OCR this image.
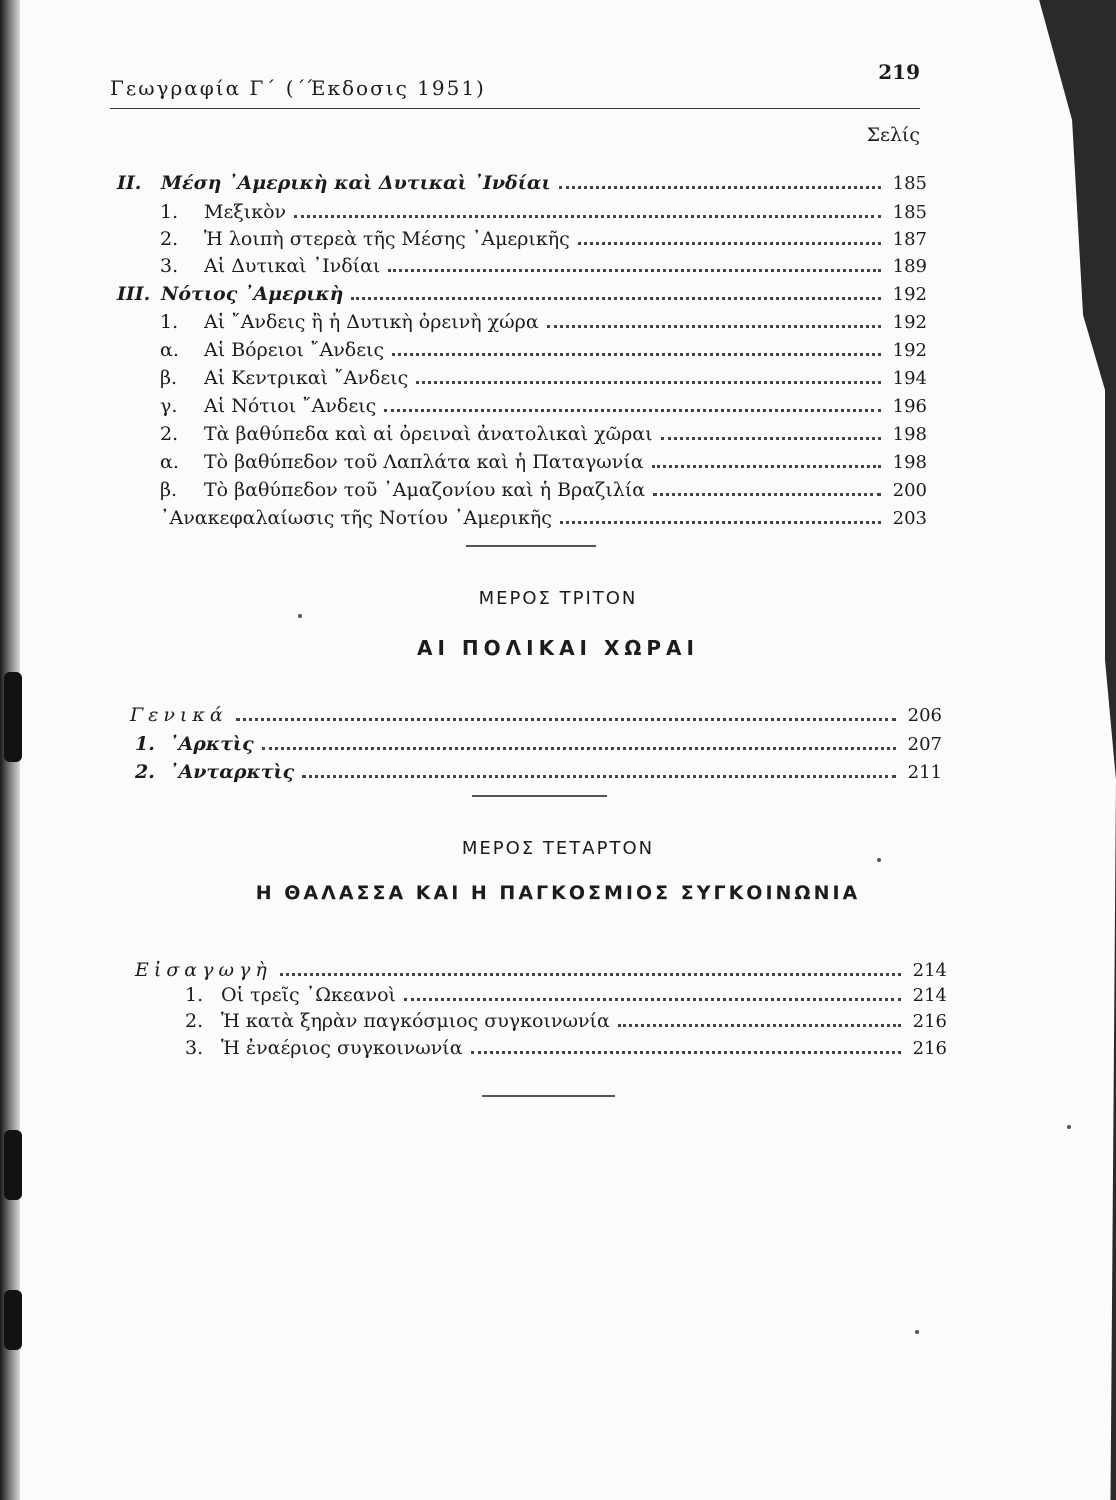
Γεωγραφία Γ΄ (΄Έκδοσις 1951)
219
Σελίς
II. Μέση ᾿Αμερικὴ καὶ Δυτικαὶ ᾿Ινδίαι	185
1. Μεξικὸν	185
2. Ἡ λοιπὴ στερεὰ τῆς Μέσης ᾿Αμερικῆς	187
3. Αἱ Δυτικαὶ ᾿Ινδίαι	189
III. Νότιος ᾿Αμερικὴ	192
1. Αἱ ῎Ανδεις ἢ ἡ Δυτικὴ ὀρεινὴ χώρα	192
α. Αἱ Βόρειοι ῎Ανδεις	192
β. Αἱ Κεντρικαὶ ῎Ανδεις	194
γ. Αἱ Νότιοι ῎Ανδεις	196
2. Τὰ βαθύπεδα καὶ αἱ ὀρειναὶ ἀνατολικαὶ χῶραι	198
α. Τὸ βαθύπεδον τοῦ Λαπλάτα καὶ ἡ Παταγωνία	198
β. Τὸ βαθύπεδον τοῦ ᾿Αμαζονίου καὶ ἡ Βραζιλία	200
᾿Ανακεφαλαίωσις τῆς Νοτίου ᾿Αμερικῆς	203
ΜΕΡΟΣ ΤΡΙΤΟΝ
ΑΙ ΠΟΛΙΚΑΙ ΧΩΡΑΙ
Γενικά	206
1. ᾿Αρκτὶς	207
2. ᾿Ανταρκτὶς	211
ΜΕΡΟΣ ΤΕΤΑΡΤΟΝ
Η ΘΑΛΑΣΣΑ ΚΑΙ Η ΠΑΓΚΟΣΜΙΟΣ ΣΥΓΚΟΙΝΩΝΙΑ
Εἰσαγωγὴ	214
1. Οἱ τρεῖς ᾿Ωκεανοὶ	214
2. Ἡ κατὰ ξηρὰν παγκόσμιος συγκοινωνία	216
3. Ἡ ἐναέριος συγκοινωνία	216
